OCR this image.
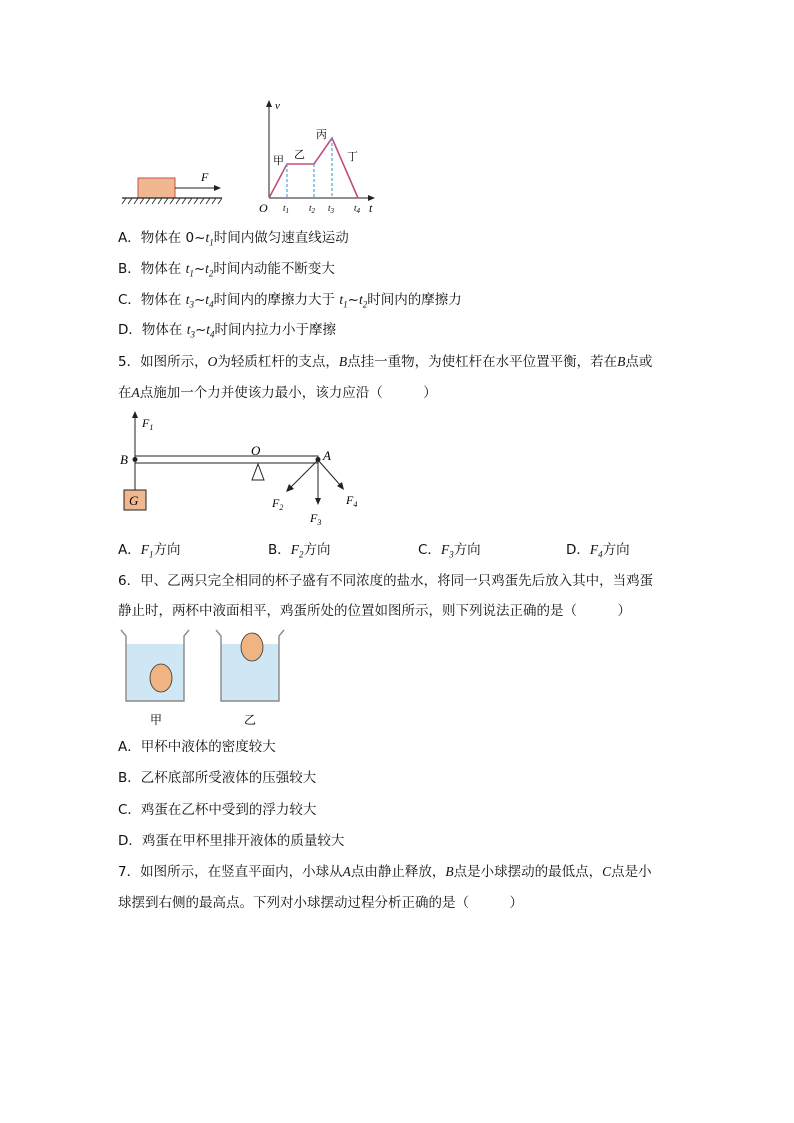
F
v
t
O
甲 乙
丙
丁
$t_1$ $t_2$ $t_3$ $t_4$
A．物体在 $0\sim t_1$时间内做匀速直线运动
B．物体在 $t_1\sim t_2$时间内动能不断变大
C．物体在 $t_3\sim t_4$时间内的摩擦力大于 $t_1\sim t_2$时间内的摩擦力
D．物体在 $t_3\sim t_4$时间内拉力小于摩擦
5．如图所示，O为轻质杠杆的支点，B点挂一重物，为使杠杆在水平位置平衡，若在B点或
在A点施加一个力并使该力最小，该力应沿（　　　）
$F_1$
B
O	A
G	$F_2$
$F_3$
$F_4$
A．$F_1$方向	B．$F_2$方向	C．$F_3$方向	D．$F_4$方向
6．甲、乙两只完全相同的杯子盛有不同浓度的盐水，将同一只鸡蛋先后放入其中，当鸡蛋
静止时，两杯中液面相平，鸡蛋所处的位置如图所示，则下列说法正确的是（　　　）
甲	乙
A．甲杯中液体的密度较大
B．乙杯底部所受液体的压强较大
C．鸡蛋在乙杯中受到的浮力较大
D．鸡蛋在甲杯里排开液体的质量较大
7．如图所示，在竖直平面内，小球从A点由静止释放，B点是小球摆动的最低点，C点是小
球摆到右侧的最高点。下列对小球摆动过程分析正确的是（　　　）
